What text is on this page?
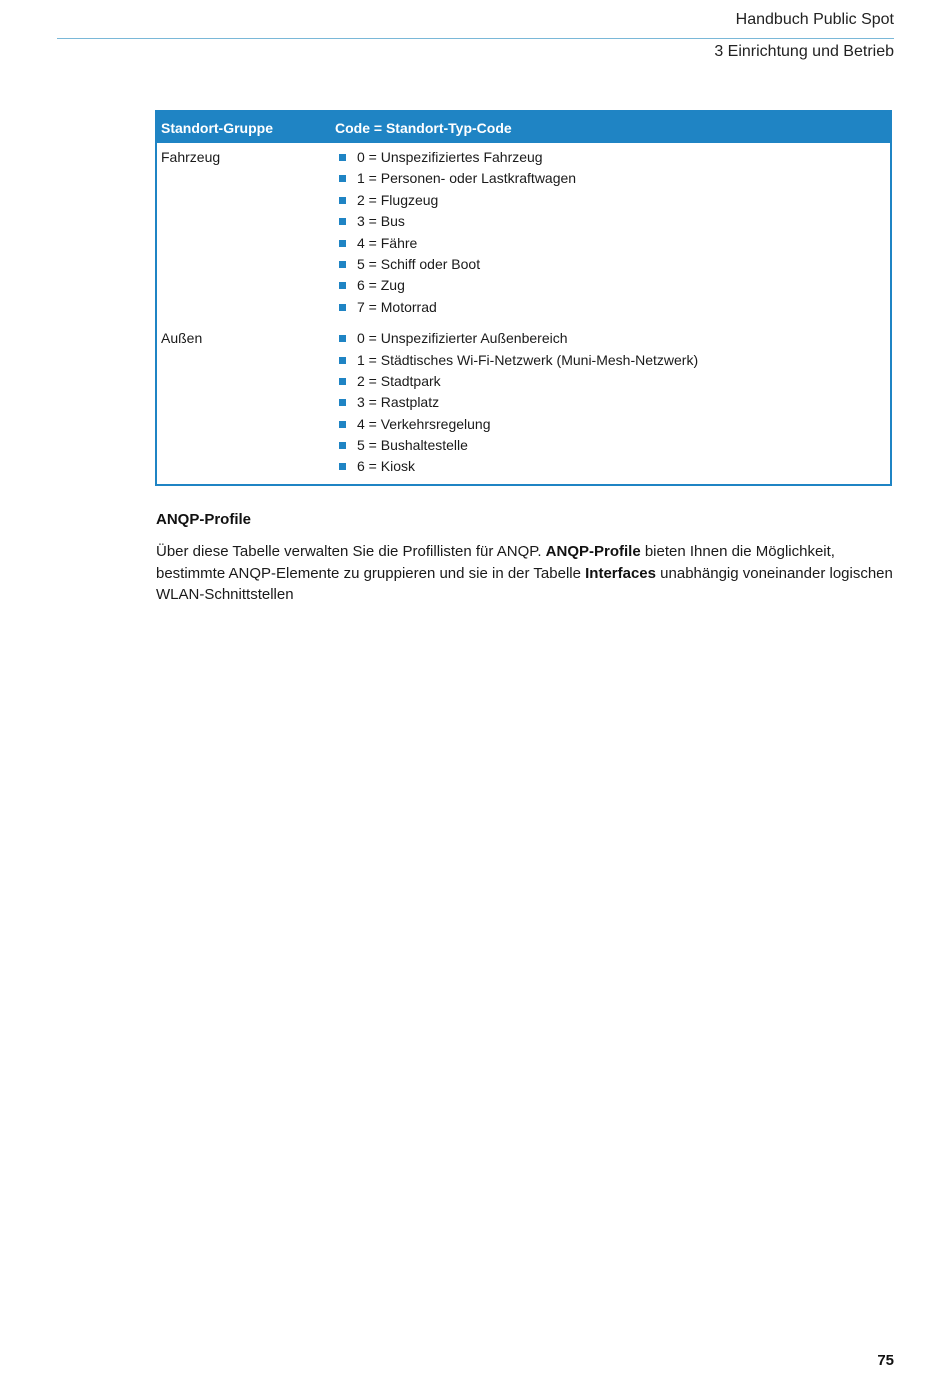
Handbuch Public Spot
3 Einrichtung und Betrieb
Standort-Gruppe	Code = Standort-Typ-Code
Fahrzeug	0 = Unspezifiziertes Fahrzeug
1 = Personen- oder Lastkraftwagen
2 = Flugzeug
3 = Bus
4 = Fähre
5 = Schiff oder Boot
6 = Zug
7 = Motorrad
Außen	0 = Unspezifizierter Außenbereich
1 = Städtisches Wi-Fi-Netzwerk (Muni-Mesh-Netzwerk)
2 = Stadtpark
3 = Rastplatz
4 = Verkehrsregelung
5 = Bushaltestelle
6 = Kiosk
ANQP-Profile
Über diese Tabelle verwalten Sie die Profillisten für ANQP. ANQP-Profile bieten Ihnen die Möglichkeit, bestimmte ANQP-Elemente zu gruppieren und sie in der Tabelle Interfaces unabhängig voneinander logischen WLAN-Schnittstellen
75
